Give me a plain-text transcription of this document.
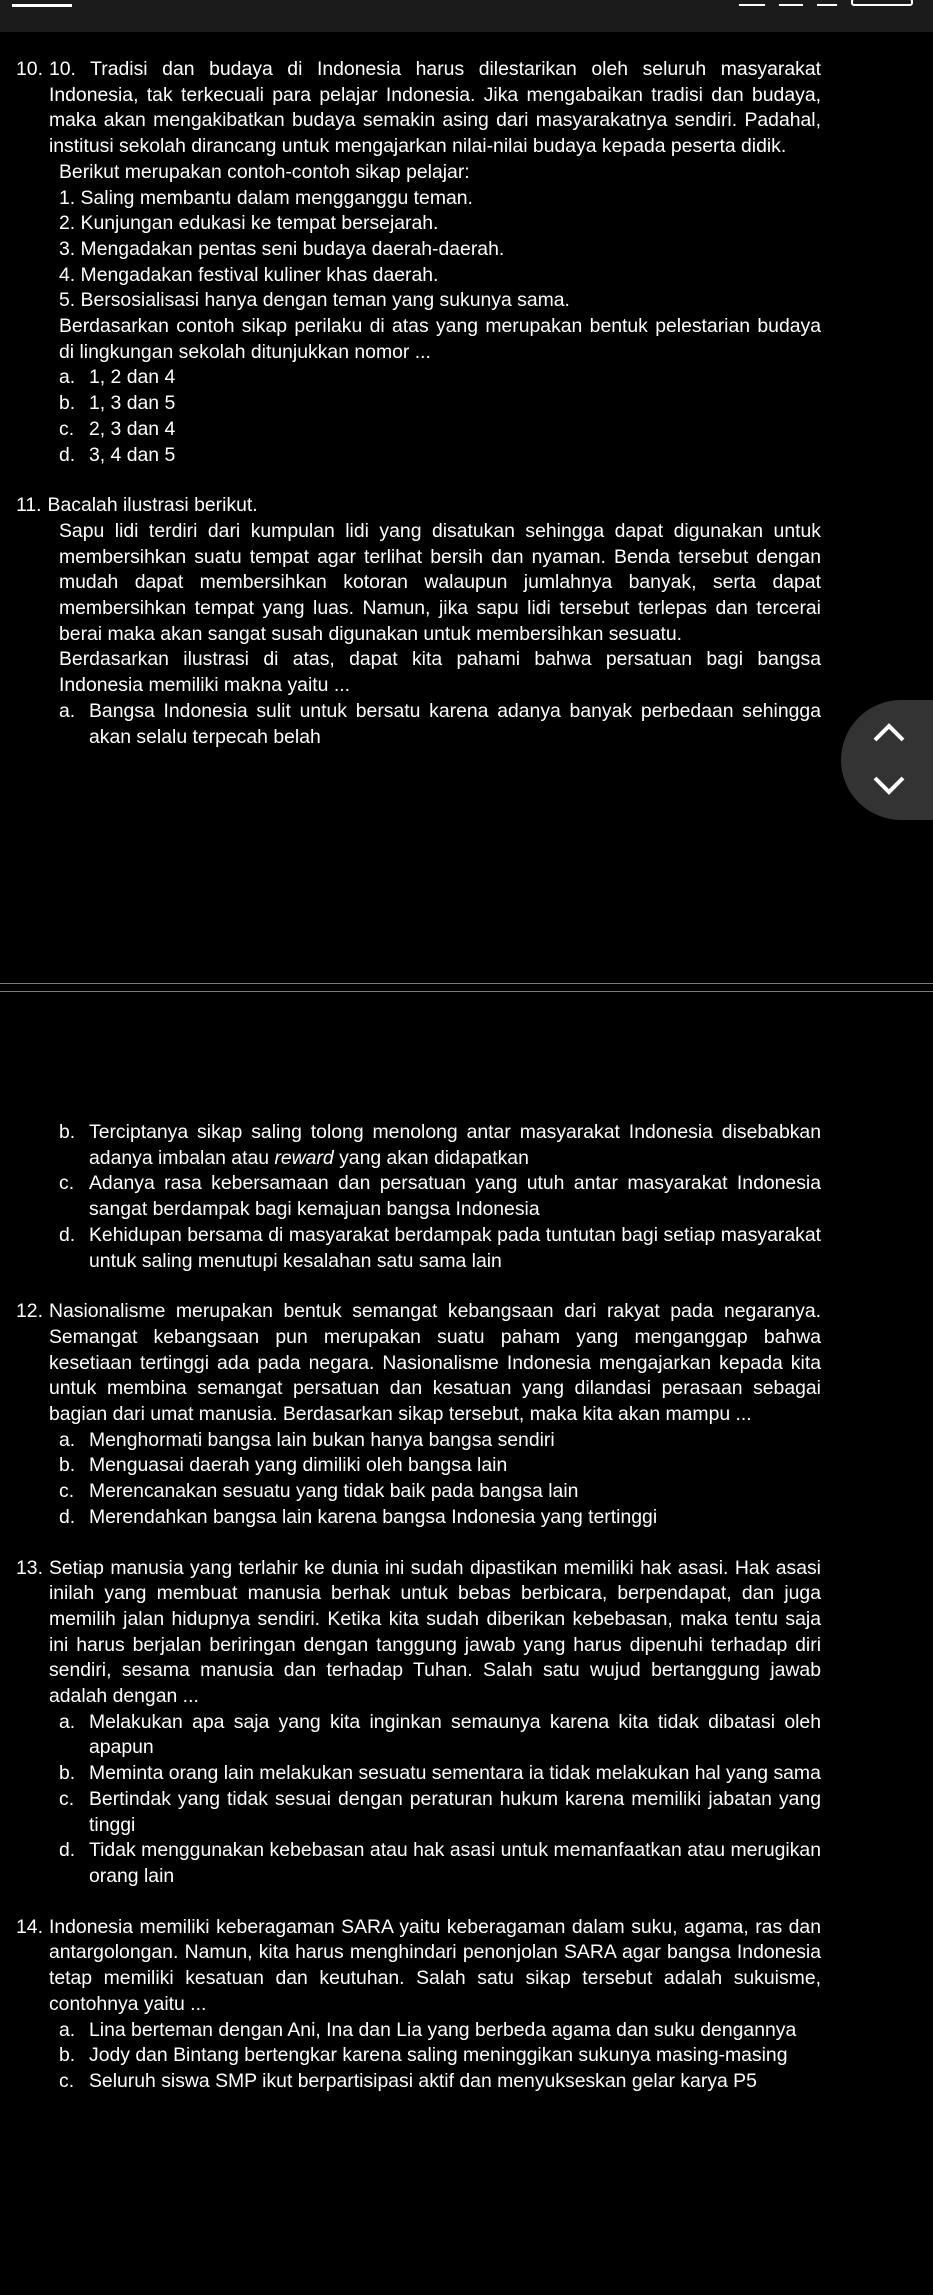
10. 10. Tradisi dan budaya di Indonesia harus dilestarikan oleh seluruh masyarakat Indonesia, tak terkecuali para pelajar Indonesia. Jika mengabaikan tradisi dan budaya, maka akan mengakibatkan budaya semakin asing dari masyarakatnya sendiri. Padahal, institusi sekolah dirancang untuk mengajarkan nilai-nilai budaya kepada peserta didik.

Berikut merupakan contoh-contoh sikap pelajar:

1. Saling membantu dalam mengganggu teman.

2. Kunjungan edukasi ke tempat bersejarah.

3. Mengadakan pentas seni budaya daerah-daerah.

4. Mengadakan festival kuliner khas daerah.

5. Bersosialisasi hanya dengan teman yang sukunya sama.

Berdasarkan contoh sikap perilaku di atas yang merupakan bentuk pelestarian budaya di lingkungan sekolah ditunjukkan nomor ...

a. 1, 2 dan 4
b. 1, 3 dan 5
c. 2, 3 dan 4
d. 3, 4 dan 5
11. Bacalah ilustrasi berikut.

Sapu lidi terdiri dari kumpulan lidi yang disatukan sehingga dapat digunakan untuk membersihkan suatu tempat agar terlihat bersih dan nyaman. Benda tersebut dengan mudah dapat membersihkan kotoran walaupun jumlahnya banyak, serta dapat membersihkan tempat yang luas. Namun, jika sapu lidi tersebut terlepas dan tercerai berai maka akan sangat susah digunakan untuk membersihkan sesuatu.

Berdasarkan ilustrasi di atas, dapat kita pahami bahwa persatuan bagi bangsa Indonesia memiliki makna yaitu ...

a. Bangsa Indonesia sulit untuk bersatu karena adanya banyak perbedaan sehingga akan selalu terpecah belah
b. Terciptanya sikap saling tolong menolong antar masyarakat Indonesia disebabkan adanya imbalan atau reward yang akan didapatkan
c. Adanya rasa kebersamaan dan persatuan yang utuh antar masyarakat Indonesia sangat berdampak bagi kemajuan bangsa Indonesia
d. Kehidupan bersama di masyarakat berdampak pada tuntutan bagi setiap masyarakat untuk saling menutupi kesalahan satu sama lain
12. Nasionalisme merupakan bentuk semangat kebangsaan dari rakyat pada negaranya. Semangat kebangsaan pun merupakan suatu paham yang menganggap bahwa kesetiaan tertinggi ada pada negara. Nasionalisme Indonesia mengajarkan kepada kita untuk membina semangat persatuan dan kesatuan yang dilandasi perasaan sebagai bagian dari umat manusia. Berdasarkan sikap tersebut, maka kita akan mampu ...
a. Menghormati bangsa lain bukan hanya bangsa sendiri
b. Menguasai daerah yang dimiliki oleh bangsa lain
c. Merencanakan sesuatu yang tidak baik pada bangsa lain
d. Merendahkan bangsa lain karena bangsa Indonesia yang tertinggi
13. Setiap manusia yang terlahir ke dunia ini sudah dipastikan memiliki hak asasi. Hak asasi inilah yang membuat manusia berhak untuk bebas berbicara, berpendapat, dan juga memilih jalan hidupnya sendiri. Ketika kita sudah diberikan kebebasan, maka tentu saja ini harus berjalan beriringan dengan tanggung jawab yang harus dipenuhi terhadap diri sendiri, sesama manusia dan terhadap Tuhan. Salah satu wujud bertanggung jawab adalah dengan ...
a. Melakukan apa saja yang kita inginkan semaunya karena kita tidak dibatasi oleh apapun
b. Meminta orang lain melakukan sesuatu sementara ia tidak melakukan hal yang sama
c. Bertindak yang tidak sesuai dengan peraturan hukum karena memiliki jabatan yang tinggi
d. Tidak menggunakan kebebasan atau hak asasi untuk memanfaatkan atau merugikan orang lain
14. Indonesia memiliki keberagaman SARA yaitu keberagaman dalam suku, agama, ras dan antargolongan. Namun, kita harus menghindari penonjolan SARA agar bangsa Indonesia tetap memiliki kesatuan dan keutuhan. Salah satu sikap tersebut adalah sukuisme, contohnya yaitu ...
a. Lina berteman dengan Ani, Ina dan Lia yang berbeda agama dan suku dengannya
b. Jody dan Bintang bertengkar karena saling meninggikan sukunya masing-masing
c. Seluruh siswa SMP ikut berpartisipasi aktif dan menyukseskan gelar karya P5
